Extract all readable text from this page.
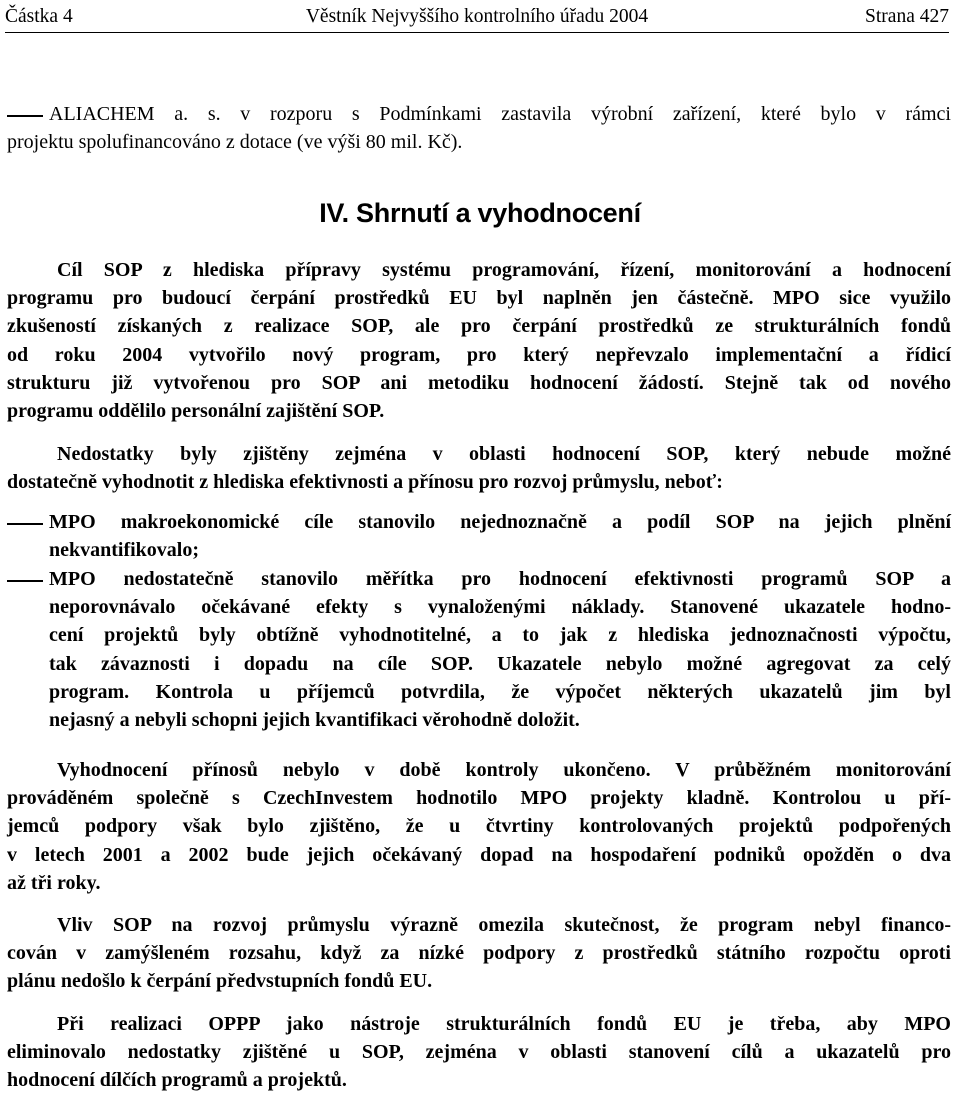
Částka 4	Věstník Nejvyššího kontrolního úřadu 2004	Strana 427
ALIACHEM a. s. v rozporu s Podmínkami zastavila výrobní zařízení, které bylo v rámci
projektu spolufinancováno z dotace (ve výši 80 mil. Kč).
IV. Shrnutí a vyhodnocení
Cíl SOP z hlediska přípravy systému programování, řízení, monitorování a hodnocení
programu pro budoucí čerpání prostředků EU byl naplněn jen částečně. MPO sice využilo
zkušeností získaných z realizace SOP, ale pro čerpání prostředků ze strukturálních fondů
od roku 2004 vytvořilo nový program, pro který nepřevzalo implementační a řídicí
strukturu již vytvořenou pro SOP ani metodiku hodnocení žádostí. Stejně tak od nového
programu oddělilo personální zajištění SOP.
Nedostatky byly zjištěny zejména v oblasti hodnocení SOP, který nebude možné
dostatečně vyhodnotit z hlediska efektivnosti a přínosu pro rozvoj průmyslu, neboť:
MPO makroekonomické cíle stanovilo nejednoznačně a podíl SOP na jejich plnění
nekvantifikovalo;
MPO nedostatečně stanovilo měřítka pro hodnocení efektivnosti programů SOP a
neporovnávalo očekávané efekty s vynaloženými náklady. Stanovené ukazatele hodno-
cení projektů byly obtížně vyhodnotitelné, a to jak z hlediska jednoznačnosti výpočtu,
tak závaznosti i dopadu na cíle SOP. Ukazatele nebylo možné agregovat za celý
program. Kontrola u příjemců potvrdila, že výpočet některých ukazatelů jim byl
nejasný a nebyli schopni jejich kvantifikaci věrohodně doložit.
Vyhodnocení přínosů nebylo v době kontroly ukončeno. V průběžném monitorování
prováděném společně s CzechInvestem hodnotilo MPO projekty kladně. Kontrolou u pří-
jemců podpory však bylo zjištěno, že u čtvrtiny kontrolovaných projektů podpořených
v letech 2001 a 2002 bude jejich očekávaný dopad na hospodaření podniků opožděn o dva
až tři roky.
Vliv SOP na rozvoj průmyslu výrazně omezila skutečnost, že program nebyl financo-
cován v zamýšleném rozsahu, když za nízké podpory z prostředků státního rozpočtu oproti
plánu nedošlo k čerpání předvstupních fondů EU.
Při realizaci OPPP jako nástroje strukturálních fondů EU je třeba, aby MPO
eliminovalo nedostatky zjištěné u SOP, zejména v oblasti stanovení cílů a ukazatelů pro
hodnocení dílčích programů a projektů.
